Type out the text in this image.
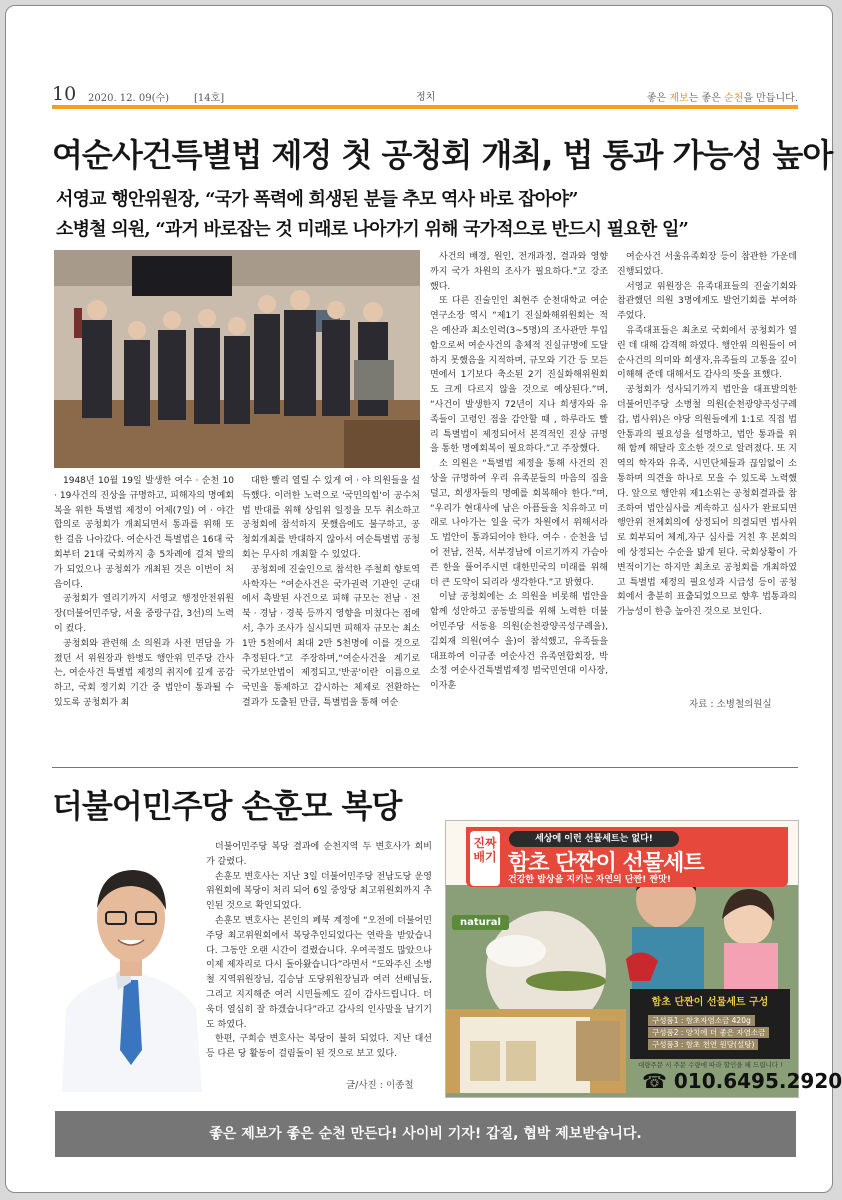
10 2020. 12. 09(수) [14호]	정치	좋은 제보는 좋은 순천을 만듭니다.
여순사건특별법 제정 첫 공청회 개최, 법 통과 가능성 높아
서영교 행안위원장, “국가 폭력에 희생된 분들 추모 역사 바로 잡아야”
소병철 의원, “과거 바로잡는 것 미래로 나아가기 위해 국가적으로 반드시 필요한 일”

1948년 10월 19일 발생한 여수 · 순천 10 · 19사건의 진상을 규명하고, 피해자의 명예회복을 위한 특별법 제정이 어제(7일) 여 · 야간 합의로 공청회가 개최되면서 통과를 위해 또 한 걸음 나아갔다. 여순사건 특별법은 16대 국회부터 21대 국회까지 총 5차례에 걸쳐 발의가 되었으나 공청회가 개최된 것은 이번이 처음이다.

공청회가 열리기까지 서영교 행정안전위원장(더불어민주당, 서울 중랑구갑, 3선)의 노력이 컸다.

공청회와 관련해 소 의원과 사전 면담을 가졌던 서 위원장과 한병도 행안위 민주당 간사는, 여순사건 특별법 제정의 취지에 깊게 공감하고, 국회 정기회 기간 중 법안이 통과될 수 있도록 공청회가 최

대한 빨리 열릴 수 있게 여 · 야 의원들을 설득했다. 이러한 노력으로 '국민의힘'이 공수처법 반대를 위해 상임위 일정을 모두 취소하고 공청회에 참석하지 못했음에도 불구하고, 공청회개최를 반대하지 않아서 여순특별법 공청회는 무사히 개최할 수 있었다.

공청회에 진술인으로 참석한 주철희 향토역사학자는 “여순사건은 국가권력 기관인 군대에서 촉발된 사건으로 피해 규모는 전남 · 전북 · 경남 · 경북 등까지 영향을 미쳤다는 점에서, 추가 조사가 실시되면 피해자 규모는 최소 1만 5천에서 최대 2만 5천명에 이를 것으로 추정된다.”고 주장하며,“여순사건을 계기로 국가보안법이 제정되고,'반공'이란 이름으로 국민을 통제하고 감시하는 체제로 전환하는 결과가 도출된 만큼, 특별법을 통해 여순

사건의 배경, 원인, 전개과정, 결과와 영향까지 국가 차원의 조사가 필요하다.”고 강조했다.

또 다른 진술인인 최현주 순천대학교 여순연구소장 역시 “제1기 진실화해위원회는 적은 예산과 최소인력(3~5명)의 조사관만 투입함으로써 여순사건의 총체적 진실규명에 도달하지 못했음을 지적하며, 규모와 기간 등 모든 면에서 1기보다 축소된 2기 진실화해위원회도 크게 다르지 않을 것으로 예상된다.”며, “사건이 발생한지 72년이 지나 희생자와 유족들이 고령인 점을 감안할 때 , 하루라도 빨리 특별법이 제정되어서 본격적인 진상 규명을 통한 명예회복이 필요하다.”고 주장했다.

소 의원은 “특별법 제정을 통해 사건의 진상을 규명하여 우리 유족분들의 마음의 짐을 덜고, 희생자들의 명예를 회복해야 한다.”며, “우리가 현대사에 남은 아픔들을 치유하고 미래로 나아가는 일을 국가 차원에서 위해서라도 법안이 통과되어야 한다. 여수 · 순천을 넘어 전남, 전북, 서부경남에 이르기까지 가슴아픈 한을 풀어주시면 대한민국의 미래를 위해 더 큰 도약이 되리라 생각한다.”고 밝혔다.

이날 공청회에는 소 의원을 비롯해 법안을 함께 성안하고 공동발의를 위해 노력한 더불어민주당 서동용 의원(순천광양곡성구례을), 김회재 의원(여수 을)이 참석했고, 유족들을 대표하여 이규종 여순사건 유족연합회장, 박소정 여순사건특별법제정 범국민연대 이사장, 이자훈

여순사건 서울유족회장 등이 참관한 가운데 진행되었다.

서영교 위원장은 유족대표들의 진술기회와 참관했던 의원 3명에게도 발언기회를 부여하주었다.

유족대표들은 최초로 국회에서 공청회가 열린 데 대해 감격해 하였다. 행안위 의원들이 여순사건의 의미와 희생자,유족들의 고통을 깊이 이해해 준데 대해서도 감사의 뜻을 표했다.

공청회가 성사되기까지 법안을 대표발의한 더불어민주당 소병철 의원(순천광양곡성구례갑, 법사위)은 야당 의원들에게 1:1로 직접 법안통과의 필요성을 설명하고, 법안 통과를 위해 함께 해달라 호소한 것으로 알려졌다. 또 지역의 학자와 유족, 시민단체들과 끊임없이 소통하며 의견을 하나로 모을 수 있도록 노력했다. 앞으로 행안위 제1소위는 공청회결과를 참조하여 법안심사를 계속하고 심사가 완료되면 행안위 전체회의에 상정되어 의결되면 법사위로 회부되어 체계,자구 심사를 거친 후 본회의에 상정되는 수순을 밟게 된다. 국회상황이 가변적이기는 하지만 최초로 공청회를 개최하였고 특별법 제정의 필요성과 시급성 등이 공청회에서 충분히 표출되었으므로 향후 법통과의 가능성이 한층 높아진 것으로 보인다.

자료 : 소병철의원실
더불어민주당 손훈모 복당

더불어민주당 복당 결과에 순천지역 두 변호사가 희비가 갈렸다.

손훈모 변호사는 지난 3일 더불어민주당 전남도당 운영위원회에 복당이 처리 되어 6일 중앙당 최고위원회까지 추인된 것으로 확인되었다.

손훈모 변호사는 본인의 페북 계정에 “오전에 더불어민주당 최고위원회에서 복당추인되었다는 연락을 받았습니다. 그동안 오랜 시간이 걸렸습니다. 우여곡절도 많았으나 이제 제자리로 다시 돌아왔습니다”라면서 “도와주신 소병철 지역위원장님, 김승남 도당위원장님과 여러 선배님들, 그리고 지지해준 여러 시민들께도 깊이 감사드립니다. 더욱더 열심히 잘 하겠습니다”라고 감사의 인사말을 남기기도 하였다.

한편, 구희승 변호사는 복당이 불허 되었다. 지난 대선 등 다른 당 활동이 걸림돌이 된 것으로 보고 있다.

글/사진 : 이종철
진짜
배기
세상에 이런 선물세트는 없다!
함초 단짠이 선물세트
건강한 밥상을 지키는 자연의 단짠! 짠맛!
natural
함초 단짠이 선물세트 구성
구성품1 : 함초자염소금 420g
구성품2 : 양치에 더 좋은 자염소금
구성품3 : 함초 천연 원당(설탕)
대량주문 시 주문 수량에 따라 할인을 해 드립니다 !
☎ 010.6495.2920
좋은 제보가 좋은 순천 만든다! 사이비 기자! 갑질, 협박 제보받습니다.
